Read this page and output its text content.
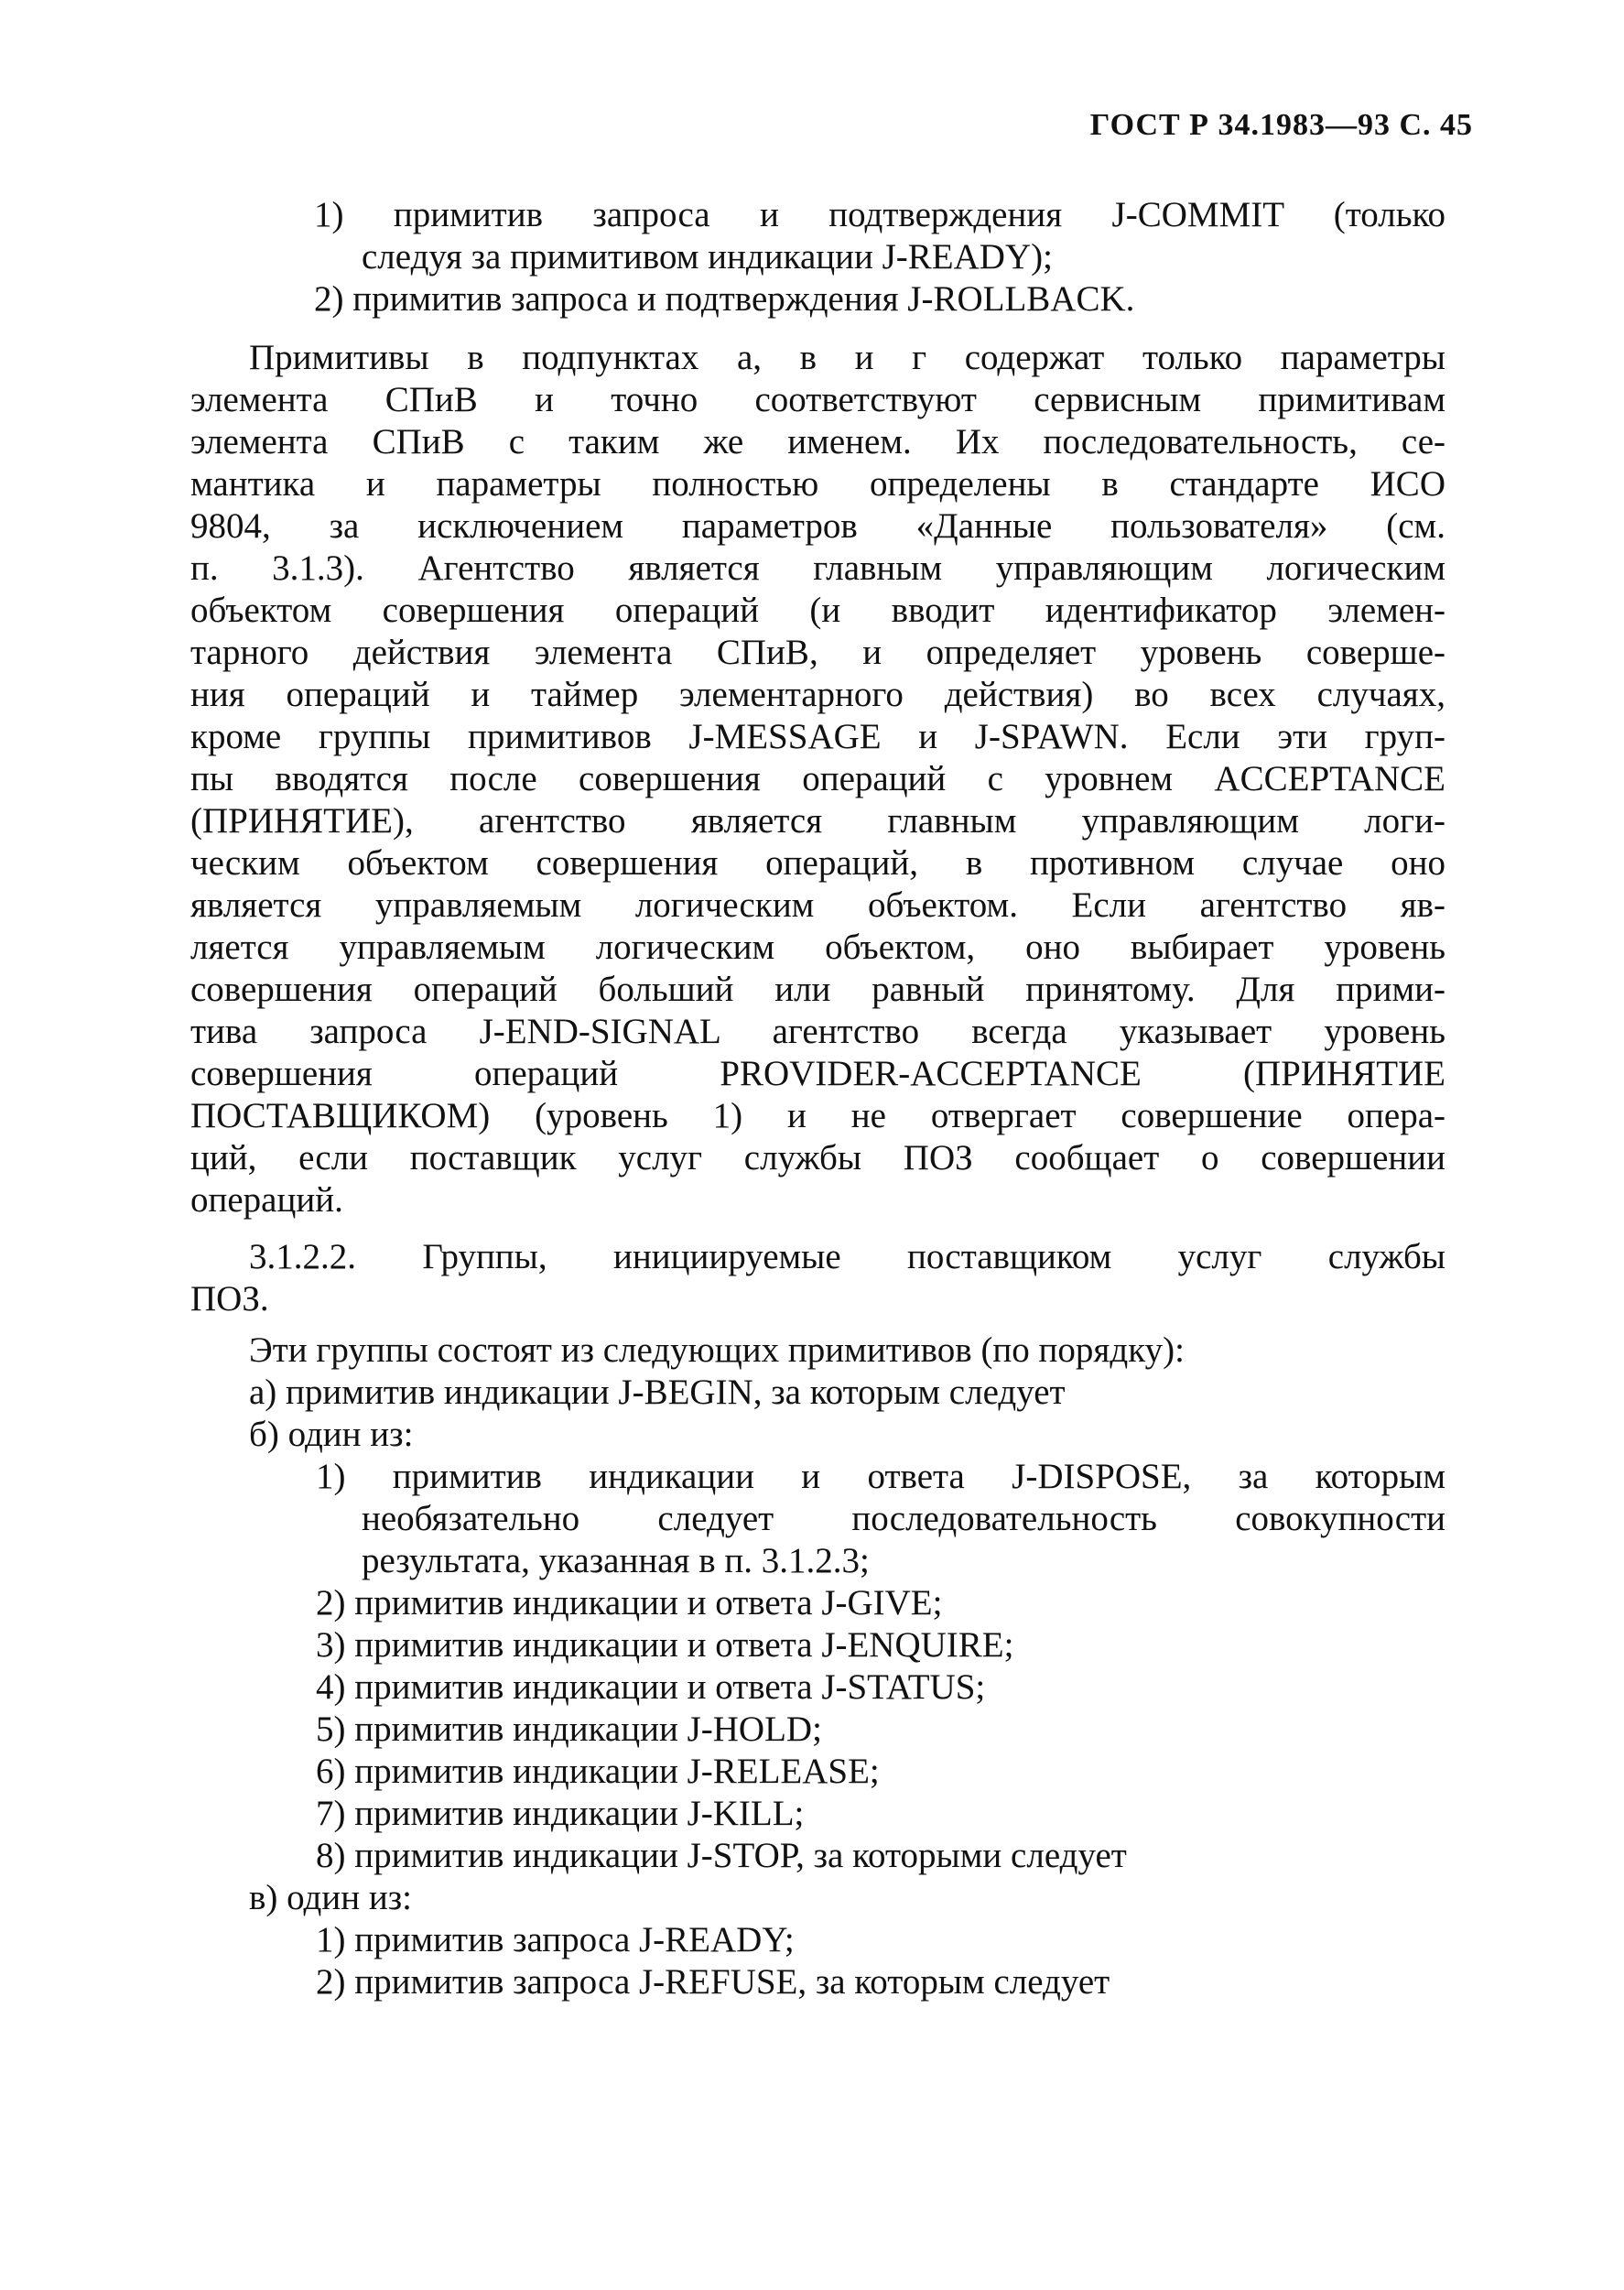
ГОСТ Р 34.1983—93 С. 45
1) примитив запроса и подтверждения J-COMMIT (только
следуя за примитивом индикации J-READY);
2) примитив запроса и подтверждения J-ROLLBACK.
Примитивы в подпунктах а, в и г содержат только параметры
элемента СПиВ и точно соответствуют сервисным примитивам
элемента СПиВ с таким же именем. Их последовательность, се-
мантика и параметры полностью определены в стандарте ИСО
9804, за исключением параметров «Данные пользователя» (см.
п. 3.1.3). Агентство является главным управляющим логическим
объектом совершения операций (и вводит идентификатор элемен-
тарного действия элемента СПиВ, и определяет уровень соверше-
ния операций и таймер элементарного действия) во всех случаях,
кроме группы примитивов J-MESSAGE и J-SPAWN. Если эти груп-
пы вводятся после совершения операций с уровнем ACCEPTANCE
(ПРИНЯТИЕ), агентство является главным управляющим логи-
ческим объектом совершения операций, в противном случае оно
является управляемым логическим объектом. Если агентство яв-
ляется управляемым логическим объектом, оно выбирает уровень
совершения операций больший или равный принятому. Для прими-
тива запроса J-END-SIGNAL агентство всегда указывает уровень
совершения операций PROVIDER-ACCEPTANCE (ПРИНЯТИЕ
ПОСТАВЩИКОМ) (уровень 1) и не отвергает совершение опера-
ций, если поставщик услуг службы ПОЗ сообщает о совершении
операций.
3.1.2.2. Группы, инициируемые поставщиком услуг службы
ПОЗ.
Эти группы состоят из следующих примитивов (по порядку):
а) примитив индикации J-BEGIN, за которым следует
б) один из:
1) примитив индикации и ответа J-DISPOSE, за которым
необязательно следует последовательность совокупности
результата, указанная в п. 3.1.2.3;
2) примитив индикации и ответа J-GIVE;
3) примитив индикации и ответа J-ENQUIRE;
4) примитив индикации и ответа J-STATUS;
5) примитив индикации J-HOLD;
6) примитив индикации J-RELEASE;
7) примитив индикации J-KILL;
8) примитив индикации J-STOP, за которыми следует
в) один из:
1) примитив запроса J-READY;
2) примитив запроса J-REFUSE, за которым следует
